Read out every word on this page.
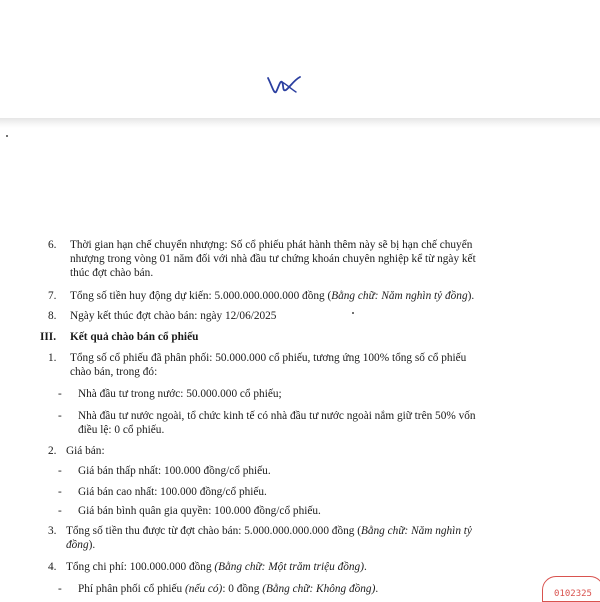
6. Thời gian hạn chế chuyển nhượng: Số cổ phiếu phát hành thêm này sẽ bị hạn chế chuyển
nhượng trong vòng 01 năm đối với nhà đầu tư chứng khoán chuyên nghiệp kể từ ngày kết
thúc đợt chào bán.
7. Tổng số tiền huy động dự kiến: 5.000.000.000.000 đồng (Bằng chữ: Năm nghìn tỷ đồng).
8. Ngày kết thúc đợt chào bán: ngày 12/06/2025
III. Kết quả chào bán cổ phiếu
1. Tổng số cổ phiếu đã phân phối: 50.000.000 cổ phiếu, tương ứng 100% tổng số cổ phiếu
chào bán, trong đó:
- Nhà đầu tư trong nước: 50.000.000 cổ phiếu;
- Nhà đầu tư nước ngoài, tổ chức kinh tế có nhà đầu tư nước ngoài nắm giữ trên 50% vốn
điều lệ: 0 cổ phiếu.
2. Giá bán:
- Giá bán thấp nhất: 100.000 đồng/cổ phiếu.
- Giá bán cao nhất: 100.000 đồng/cổ phiếu.
- Giá bán bình quân gia quyền: 100.000 đồng/cổ phiếu.
3. Tổng số tiền thu được từ đợt chào bán: 5.000.000.000.000 đồng (Bằng chữ: Năm nghìn tỷ
đồng).
4. Tổng chi phí: 100.000.000 đồng (Bằng chữ: Một trăm triệu đồng).
- Phí phân phối cổ phiếu (nếu có): 0 đồng (Bằng chữ: Không đồng).	0102325
